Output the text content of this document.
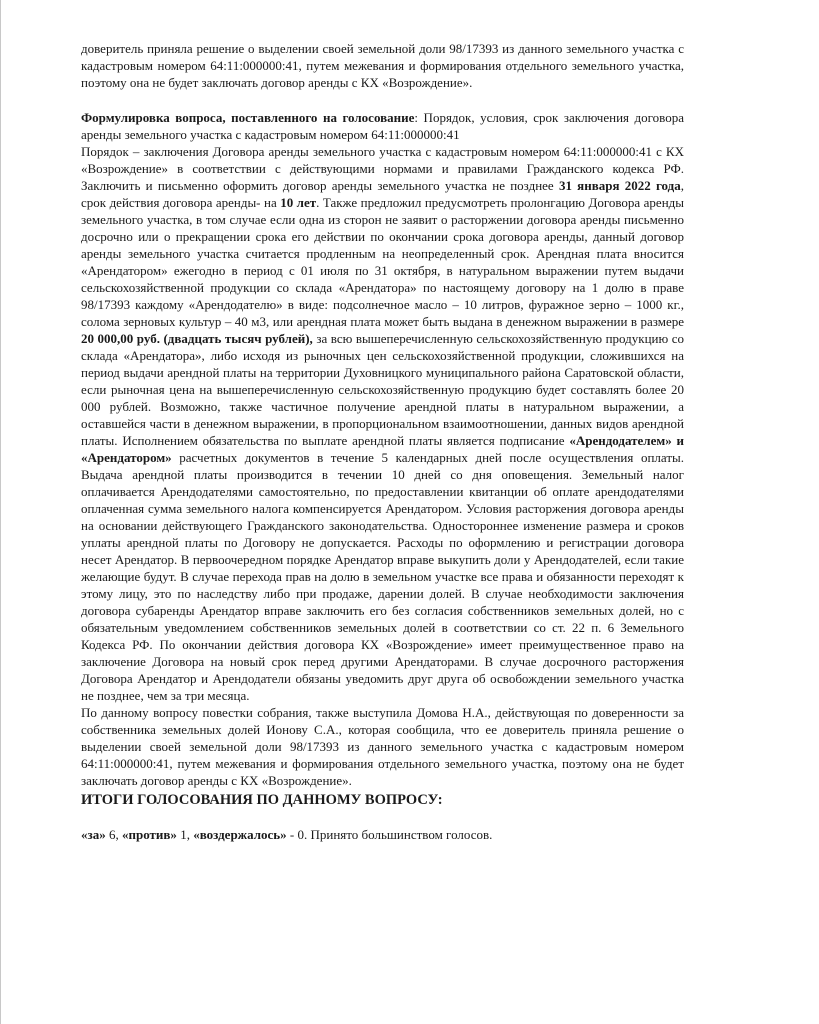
доверитель приняла решение о выделении своей земельной доли 98/17393 из данного земельного участка с кадастровым номером 64:11:000000:41, путем межевания и формирования отдельного земельного участка, поэтому она не будет заключать договор аренды с КХ «Возрождение».

Формулировка вопроса, поставленного на голосование: Порядок, условия, срок заключения договора аренды земельного участка с кадастровым номером 64:11:000000:41

Порядок – заключения Договора аренды земельного участка с кадастровым номером 64:11:000000:41 с КХ «Возрождение» в соответствии с действующими нормами и правилами Гражданского кодекса РФ. Заключить и письменно оформить договор аренды земельного участка не позднее 31 января 2022 года, срок действия договора аренды- на 10 лет. Также предложил предусмотреть пролонгацию Договора аренды земельного участка, в том случае если одна из сторон не заявит о расторжении договора аренды письменно досрочно или о прекращении срока его действии по окончании срока договора аренды, данный договор аренды земельного участка считается продленным на неопределенный срок. Арендная плата вносится «Арендатором» ежегодно в период с 01 июля по 31 октября, в натуральном выражении путем выдачи сельскохозяйственной продукции со склада «Арендатора» по настоящему договору на 1 долю в праве 98/17393 каждому «Арендодателю» в виде: подсолнечное масло – 10 литров, фуражное зерно – 1000 кг., солома зерновых культур – 40 м3, или арендная плата может быть выдана в денежном выражении в размере 20 000,00 руб. (двадцать тысяч рублей), за всю вышеперечисленную сельскохозяйственную продукцию со склада «Арендатора», либо исходя из рыночных цен сельскохозяйственной продукции, сложившихся на период выдачи арендной платы на территории Духовницкого муниципального района Саратовской области, если рыночная цена на вышеперечисленную сельскохозяйственную продукцию будет составлять более 20 000 рублей. Возможно, также частичное получение арендной платы в натуральном выражении, а оставшейся части в денежном выражении, в пропорциональном взаимоотношении, данных видов арендной платы. Исполнением обязательства по выплате арендной платы является подписание «Арендодателем» и «Арендатором» расчетных документов в течение 5 календарных дней после осуществления оплаты. Выдача арендной платы производится в течении 10 дней со дня оповещения. Земельный налог оплачивается Арендодателями самостоятельно, по предоставлении квитанции об оплате арендодателями оплаченная сумма земельного налога компенсируется Арендатором. Условия расторжения договора аренды на основании действующего Гражданского законодательства. Одностороннее изменение размера и сроков уплаты арендной платы по Договору не допускается. Расходы по оформлению и регистрации договора несет Арендатор. В первоочередном порядке Арендатор вправе выкупить доли у Арендодателей, если такие желающие будут. В случае перехода прав на долю в земельном участке все права и обязанности переходят к этому лицу, это по наследству либо при продаже, дарении долей. В случае необходимости заключения договора субаренды Арендатор вправе заключить его без согласия собственников земельных долей, но с обязательным уведомлением собственников земельных долей в соответствии со ст. 22 п. 6 Земельного Кодекса РФ. По окончании действия договора КХ «Возрождение» имеет преимущественное право на заключение Договора на новый срок перед другими Арендаторами. В случае досрочного расторжения Договора Арендатор и Арендодатели обязаны уведомить друг друга об освобождении земельного участка не позднее, чем за три месяца.

По данному вопросу повестки собрания, также выступила Домова Н.А., действующая по доверенности за собственника земельных долей Ионову С.А., которая сообщила, что ее доверитель приняла решение о выделении своей земельной доли 98/17393 из данного земельного участка с кадастровым номером 64:11:000000:41, путем межевания и формирования отдельного земельного участка, поэтому она не будет заключать договор аренды с КХ «Возрождение».

ИТОГИ ГОЛОСОВАНИЯ ПО ДАННОМУ ВОПРОСУ:

«за» 6, «против» 1, «воздержалось» - 0. Принято большинством голосов.
